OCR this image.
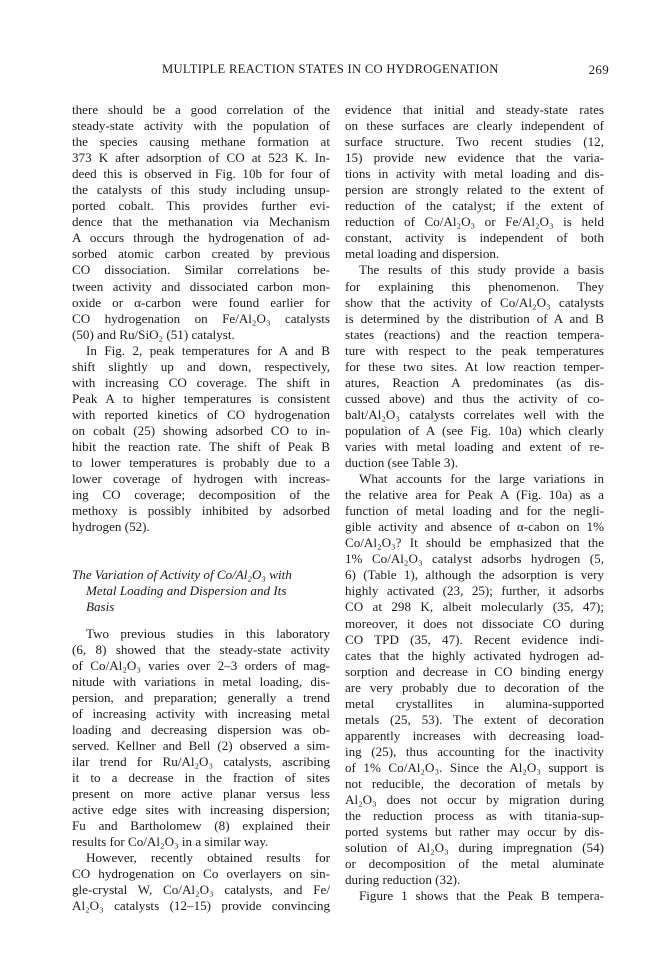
MULTIPLE REACTION STATES IN CO HYDROGENATION	269
there should be a good correlation of the
steady-state activity with the population of
the species causing methane formation at
373 K after adsorption of CO at 523 K. In-
deed this is observed in Fig. 10b for four of
the catalysts of this study including unsup-
ported cobalt. This provides further evi-
dence that the methanation via Mechanism
A occurs through the hydrogenation of ad-
sorbed atomic carbon created by previous
CO dissociation. Similar correlations be-
tween activity and dissociated carbon mon-
oxide or α-carbon were found earlier for
CO hydrogenation on Fe/Al₂O₃ catalysts
(50) and Ru/SiO₂ (51) catalyst.
In Fig. 2, peak temperatures for A and B
shift slightly up and down, respectively,
with increasing CO coverage. The shift in
Peak A to higher temperatures is consistent
with reported kinetics of CO hydrogenation
on cobalt (25) showing adsorbed CO to in-
hibit the reaction rate. The shift of Peak B
to lower temperatures is probably due to a
lower coverage of hydrogen with increas-
ing CO coverage; decomposition of the
methoxy is possibly inhibited by adsorbed
hydrogen (52).
The Variation of Activity of Co/Al₂O₃ with
Metal Loading and Dispersion and Its
Basis
Two previous studies in this laboratory
(6, 8) showed that the steady-state activity
of Co/Al₂O₃ varies over 2–3 orders of mag-
nitude with variations in metal loading, dis-
persion, and preparation; generally a trend
of increasing activity with increasing metal
loading and decreasing dispersion was ob-
served. Kellner and Bell (2) observed a sim-
ilar trend for Ru/Al₂O₃ catalysts, ascribing
it to a decrease in the fraction of sites
present on more active planar versus less
active edge sites with increasing dispersion;
Fu and Bartholomew (8) explained their
results for Co/Al₂O₃ in a similar way.
However, recently obtained results for
CO hydrogenation on Co overlayers on sin-
gle-crystal W, Co/Al₂O₃ catalysts, and Fe/
Al₂O₃ catalysts (12–15) provide convincing
evidence that initial and steady-state rates
on these surfaces are clearly independent of
surface structure. Two recent studies (12,
15) provide new evidence that the varia-
tions in activity with metal loading and dis-
persion are strongly related to the extent of
reduction of the catalyst; if the extent of
reduction of Co/Al₂O₃ or Fe/Al₂O₃ is held
constant, activity is independent of both
metal loading and dispersion.
The results of this study provide a basis
for explaining this phenomenon. They
show that the activity of Co/Al₂O₃ catalysts
is determined by the distribution of A and B
states (reactions) and the reaction tempera-
ture with respect to the peak temperatures
for these two sites. At low reaction temper-
atures, Reaction A predominates (as dis-
cussed above) and thus the activity of co-
balt/Al₂O₃ catalysts correlates well with the
population of A (see Fig. 10a) which clearly
varies with metal loading and extent of re-
duction (see Table 3).
What accounts for the large variations in
the relative area for Peak A (Fig. 10a) as a
function of metal loading and for the negli-
gible activity and absence of α-cabon on 1%
Co/Al₂O₃? It should be emphasized that the
1% Co/Al₂O₃ catalyst adsorbs hydrogen (5,
6) (Table 1), although the adsorption is very
highly activated (23, 25); further, it adsorbs
CO at 298 K, albeit molecularly (35, 47);
moreover, it does not dissociate CO during
CO TPD (35, 47). Recent evidence indi-
cates that the highly activated hydrogen ad-
sorption and decrease in CO binding energy
are very probably due to decoration of the
metal crystallites in alumina-supported
metals (25, 53). The extent of decoration
apparently increases with decreasing load-
ing (25), thus accounting for the inactivity
of 1% Co/Al₂O₃. Since the Al₂O₃ support is
not reducible, the decoration of metals by
Al₂O₃ does not occur by migration during
the reduction process as with titania-sup-
ported systems but rather may occur by dis-
solution of Al₂O₃ during impregnation (54)
or decomposition of the metal aluminate
during reduction (32).
Figure 1 shows that the Peak B tempera-
